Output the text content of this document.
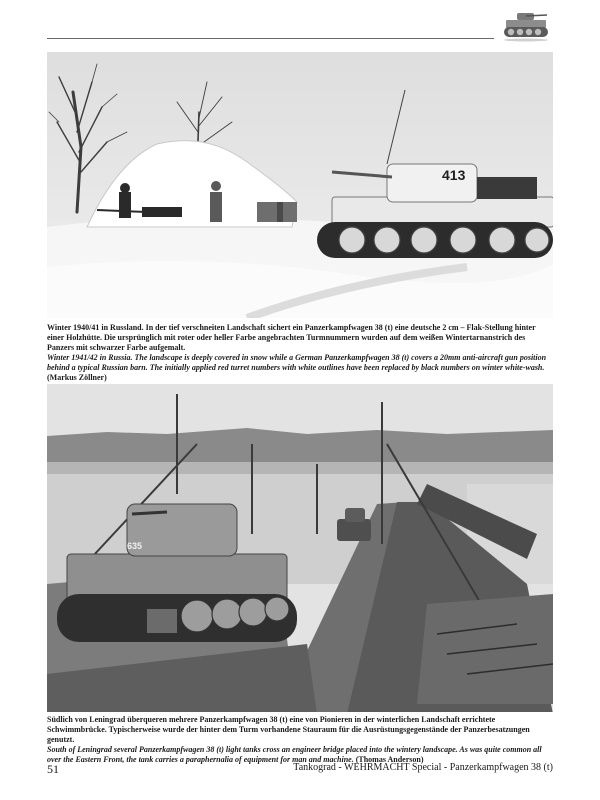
413

Winter 1940/41 in Russland. In der tief verschneiten Landschaft sichert ein Panzerkampfwagen 38 (t) eine deutsche 2 cm – Flak-Stellung hinter einer Holzhütte. Die ursprünglich mit roter oder heller Farbe angebrachten Turmnummern wurden auf dem weißen Wintertarnanstrich des Panzers mit schwarzer Farbe aufgemalt.
Winter 1941/42 in Russia. The landscape is deeply covered in snow while a German Panzerkampfwagen 38 (t) covers a 20mm anti-aircraft gun position behind a typical Russian barn. The initially applied red turret numbers with white outlines have been replaced by black numbers on winter white-wash.
(Markus Zöllner)

635

Südlich von Leningrad überqueren mehrere Panzerkampfwagen 38 (t) eine von Pionieren in der winterlichen Landschaft errichtete Schwimmbrücke. Typischerweise wurde der hinter dem Turm vorhandene Stauraum für die Ausrüstungsgegenstände der Panzerbesatzungen genutzt.
South of Leningrad several Panzerkampfwagen 38 (t) light tanks cross an engineer bridge placed into the wintery landscape. As was quite common all over the Eastern Front, the tank carries a paraphernalia of equipment for man and machine. (Thomas Anderson)

51	Tankograd - WEHRMACHT Special - Panzerkampfwagen 38 (t)
